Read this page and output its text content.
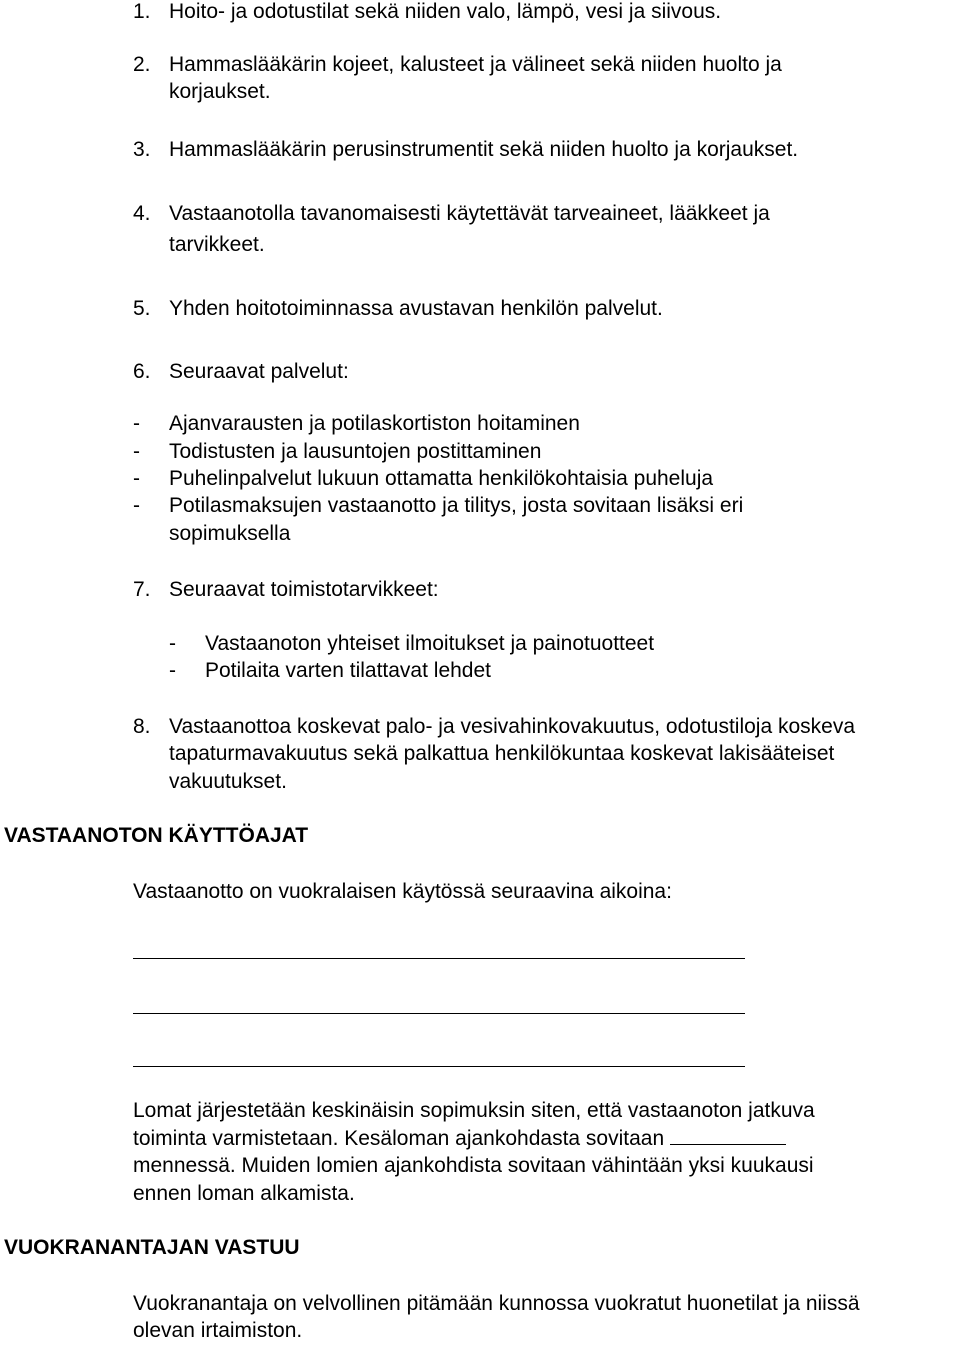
1. Hoito- ja odotustilat sekä niiden valo, lämpö, vesi ja siivous.
2. Hammaslääkärin kojeet, kalusteet ja välineet sekä niiden huolto ja
korjaukset.
3. Hammaslääkärin perusinstrumentit sekä niiden huolto ja korjaukset.
4. Vastaanotolla tavanomaisesti käytettävät tarveaineet, lääkkeet ja
tarvikkeet.
5. Yhden hoitotoiminnassa avustavan henkilön palvelut.
6. Seuraavat palvelut:
- Ajanvarausten ja potilaskortiston hoitaminen
- Todistusten ja lausuntojen postittaminen
- Puhelinpalvelut lukuun ottamatta henkilökohtaisia puheluja
- Potilasmaksujen vastaanotto ja tilitys, josta sovitaan lisäksi eri
sopimuksella
7. Seuraavat toimistotarvikkeet:
- Vastaanoton yhteiset ilmoitukset ja painotuotteet
- Potilaita varten tilattavat lehdet
8. Vastaanottoa koskevat palo- ja vesivahinkovakuutus, odotustiloja koskeva
tapaturmavakuutus sekä palkattua henkilökuntaa koskevat lakisääteiset
vakuutukset.
VASTAANOTON KÄYTTÖAJAT
Vastaanotto on vuokralaisen käytössä seuraavina aikoina:
Lomat järjestetään keskinäisin sopimuksin siten, että vastaanoton jatkuva
toiminta varmistetaan. Kesäloman ajankohdasta sovitaan
mennessä. Muiden lomien ajankohdista sovitaan vähintään yksi kuukausi
ennen loman alkamista.
VUOKRANANTAJAN VASTUU
Vuokranantaja on velvollinen pitämään kunnossa vuokratut huonetilat ja niissä
olevan irtaimiston.
